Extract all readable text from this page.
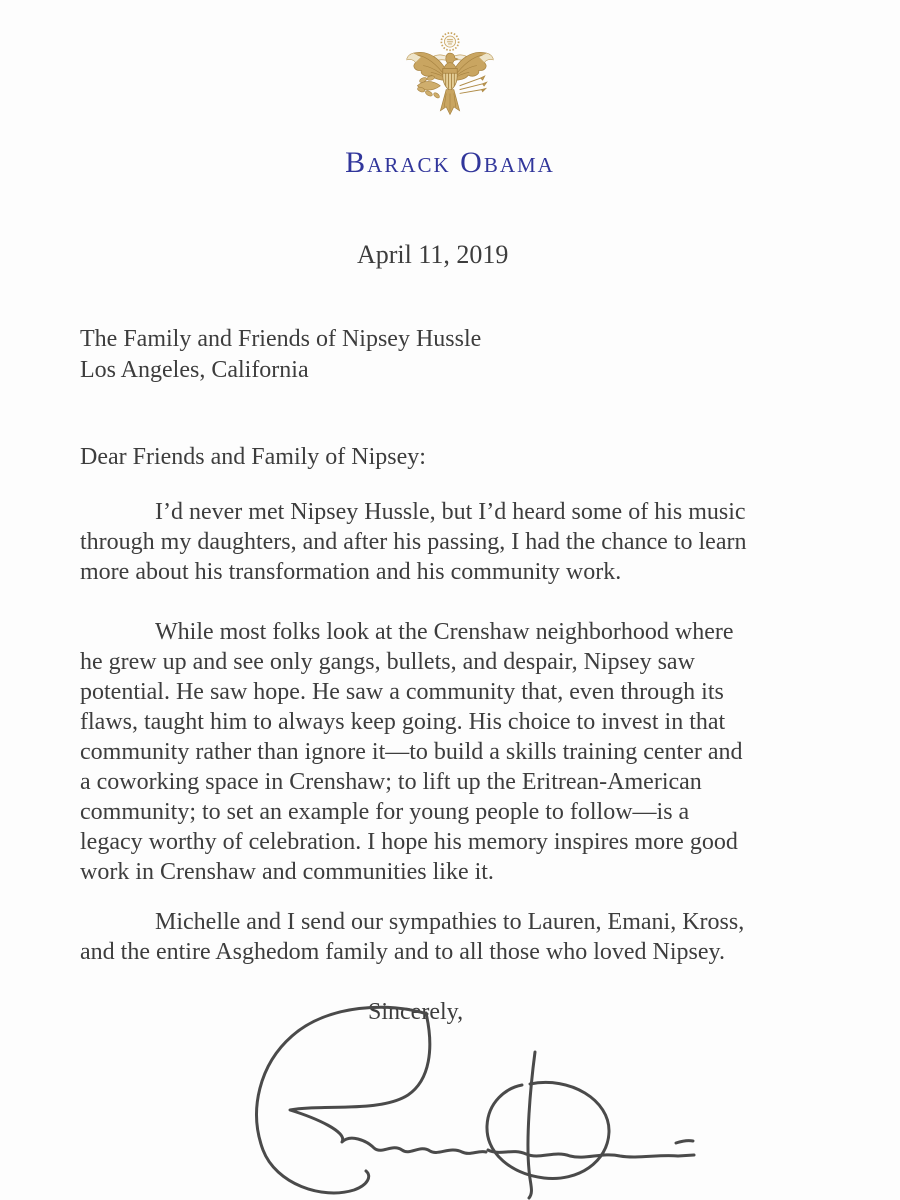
Barack Obama
April 11, 2019
The Family and Friends of Nipsey Hussle
Los Angeles, California
Dear Friends and Family of Nipsey:
I’d never met Nipsey Hussle, but I’d heard some of his music
through my daughters, and after his passing, I had the chance to learn
more about his transformation and his community work.
While most folks look at the Crenshaw neighborhood where
he grew up and see only gangs, bullets, and despair, Nipsey saw
potential. He saw hope. He saw a community that, even through its
flaws, taught him to always keep going. His choice to invest in that
community rather than ignore it—to build a skills training center and
a coworking space in Crenshaw; to lift up the Eritrean-American
community; to set an example for young people to follow—is a
legacy worthy of celebration. I hope his memory inspires more good
work in Crenshaw and communities like it.
Michelle and I send our sympathies to Lauren, Emani, Kross,
and the entire Asghedom family and to all those who loved Nipsey.
Sincerely,
